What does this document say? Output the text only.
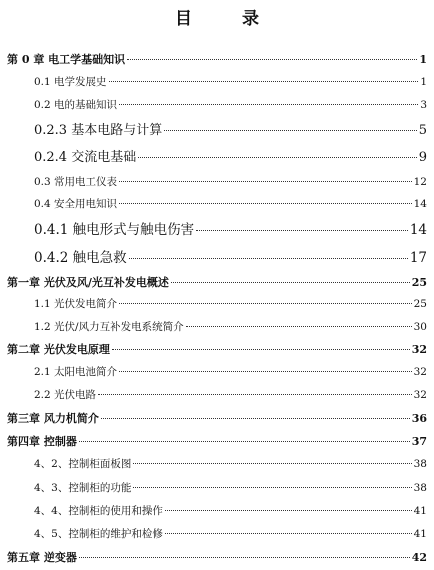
目 录
第 0 章 电工学基础知识	1
0.1 电学发展史	1
0.2 电的基础知识	3
0.2.3 基本电路与计算	5
0.2.4 交流电基础	9
0.3 常用电工仪表	12
0.4 安全用电知识	14
0.4.1 触电形式与触电伤害	14
0.4.2 触电急救	17
第一章 光伏及风/光互补发电概述	25
1.1 光伏发电简介	25
1.2 光伏/风力互补发电系统简介	30
第二章 光伏发电原理	32
2.1 太阳电池简介	32
2.2 光伏电路	32
第三章 风力机简介	36
第四章 控制器	37
4、2、控制柜面板图	38
4、3、控制柜的功能	38
4、4、控制柜的使用和操作	41
4、5、控制柜的维护和检修	41
第五章 逆变器	42
